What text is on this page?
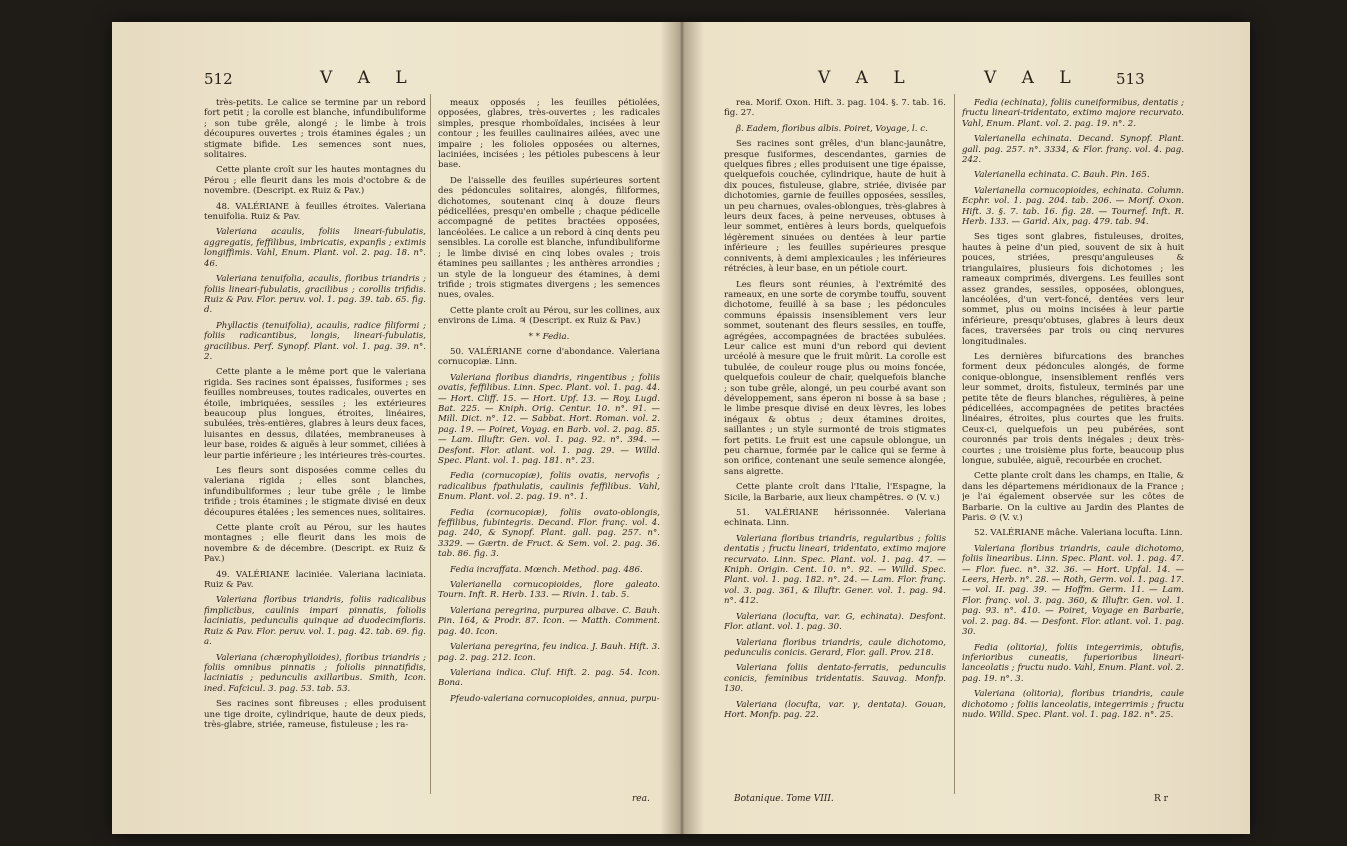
512	V A L

très-petits. Le calice se termine par un rebord fort petit ; la corolle est blanche, infundibuliforme ; son tube grêle, alongé ; le limbe à trois découpures ouvertes ; trois étamines égales ; un stigmate bifide. Les semences sont nues, solitaires.

Cette plante croît sur les hautes montagnes du Pérou ; elle fleurit dans les mois d'octobre & de novembre. (Descript. ex Ruiz & Pav.)

48. VALÉRIANE à feuilles étroites. Valeriana tenuifolia. Ruiz & Pav.

Valeriana acaulis, foliis lineari-fubulatis, aggregatis, feffilibus, imbricatis, expanfis ; extimis longiffimis. Vahl, Enum. Plant. vol. 2. pag. 18. n°. 46.

Valeriana tenuifolia, acaulis, floribus triandris ; foliis lineari-fubulatis, gracilibus ; corollis trifidis. Ruiz & Pav. Flor. peruv. vol. 1. pag. 39. tab. 65. fig. d.

Phyllactis (tenuifolia), acaulis, radice filiformi ; foliis radicantibus, longis, lineari-fubulatis, gracilibus. Perf. Synopf. Plant. vol. 1. pag. 39. n°. 2.

Cette plante a le même port que le valeriana rigida. Ses racines sont épaisses, fusiformes ; ses feuilles nombreuses, toutes radicales, ouvertes en étoile, imbriquées, sessiles ; les extérieures beaucoup plus longues, étroites, linéaires, subulées, très-entières, glabres à leurs deux faces, luisantes en dessus, dilatées, membraneuses à leur base, roides & aiguës à leur sommet, ciliées à leur partie inférieure ; les intérieures très-courtes.

Les fleurs sont disposées comme celles du valeriana rigida ; elles sont blanches, infundibuliformes ; leur tube grêle ; le limbe trifide ; trois étamines ; le stigmate divisé en deux découpures étalées ; les semences nues, solitaires.

Cette plante croît au Pérou, sur les hautes montagnes ; elle fleurit dans les mois de novembre & de décembre. (Descript. ex Ruiz & Pav.)

49. VALÉRIANE laciniée. Valeriana laciniata. Ruiz & Pav.

Valeriana floribus triandris, foliis radicalibus fimplicibus, caulinis impari pinnatis, foliolis laciniatis, pedunculis quinque ad duodecimfloris. Ruiz & Pav. Flor. peruv. vol. 1. pag. 42. tab. 69. fig. a.

Valeriana (chærophylloides), floribus triandris ; foliis omnibus pinnatis ; foliolis pinnatifidis, laciniatis ; pedunculis axillaribus. Smith, Icon. ined. Fafcicul. 3. pag. 53. tab. 53.

Ses racines sont fibreuses ; elles produisent une tige droite, cylindrique, haute de deux pieds, très-glabre, striée, rameuse, fistuleuse ; les ra-

meaux opposés ; les feuilles pétiolées, opposées, glabres, très-ouvertes ; les radicales simples, presque rhomboïdales, incisées à leur contour ; les feuilles caulinaires ailées, avec une impaire ; les folioles opposées ou alternes, laciniées, incisées ; les pétioles pubescens à leur base.

De l'aisselle des feuilles supérieures sortent des pédoncules solitaires, alongés, filiformes, dichotomes, soutenant cinq à douze fleurs pédicellées, presqu'en ombelle ; chaque pédicelle accompagné de petites bractées opposées, lancéolées. Le calice a un rebord à cinq dents peu sensibles. La corolle est blanche, infundibuliforme ; le limbe divisé en cinq lobes ovales ; trois étamines peu saillantes ; les anthères arrondies ; un style de la longueur des étamines, à demi trifide ; trois stigmates divergens ; les semences nues, ovales.

Cette plante croît au Pérou, sur les collines, aux environs de Lima. ♃ (Descript. ex Ruiz & Pav.)

* * Fedia.

50. VALÉRIANE corne d'abondance. Valeriana cornucopiæ. Linn.

Valeriana floribus diandris, ringentibus ; foliis ovatis, feffilibus. Linn. Spec. Plant. vol. 1. pag. 44. — Hort. Cliff. 15. — Hort. Upf. 13. — Roy. Lugd. Bat. 225. — Kniph. Orig. Centur. 10. n°. 91. — Mill. Dict. n°. 12. — Sabbat. Hort. Roman. vol. 2. pag. 19. — Poiret, Voyag. en Barb. vol. 2. pag. 85. — Lam. Illuftr. Gen. vol. 1. pag. 92. n°. 394. — Desfont. Flor. atlant. vol. 1. pag. 29. — Willd. Spec. Plant. vol. 1. pag. 181. n°. 23.

Fedia (cornucopiæ), foliis ovatis, nervofis ; radicalibus fpathulatis, caulinis feffilibus. Vahl, Enum. Plant. vol. 2. pag. 19. n°. 1.

Fedia (cornucopiæ), foliis ovato-oblongis, feffilibus, fubintegris. Decand. Flor. franç. vol. 4. pag. 240, & Synopf. Plant. gall. pag. 257. n°. 3329. — Gærtn. de Fruct. & Sem. vol. 2. pag. 36. tab. 86. fig. 3.

Fedia incraffata. Mœnch. Method. pag. 486.

Valerianella cornucopioides, flore galeato. Tourn. Inft. R. Herb. 133. — Rivin. 1. tab. 5.

Valeriana peregrina, purpurea albave. C. Bauh. Pin. 164, & Prodr. 87. Icon. — Matth. Comment. pag. 40. Icon.

Valeriana peregrina, feu indica. J. Bauh. Hift. 3. pag. 2. pag. 212. Icon.

Valeriana indica. Cluf. Hift. 2. pag. 54. Icon. Bona.

Pfeudo-valeriana cornucopioides, annua, purpu-

rea.
V A L	V A L 513

rea. Morif. Oxon. Hift. 3. pag. 104. §. 7. tab. 16. fig. 27.

β. Eadem, floribus albis. Poiret, Voyage, l. c.

Ses racines sont grêles, d'un blanc-jaunâtre, presque fusiformes, descendantes, garnies de quelques fibres ; elles produisent une tige épaisse, quelquefois couchée, cylindrique, haute de huit à dix pouces, fistuleuse, glabre, striée, divisée par dichotomies, garnie de feuilles opposées, sessiles, un peu charnues, ovales-oblongues, très-glabres à leurs deux faces, à peine nerveuses, obtuses à leur sommet, entières à leurs bords, quelquefois légèrement sinuées ou dentées à leur partie inférieure ; les feuilles supérieures presque connivents, à demi amplexicaules ; les inférieures rétrécies, à leur base, en un pétiole court.

Les fleurs sont réunies, à l'extrémité des rameaux, en une sorte de corymbe touffu, souvent dichotome, feuillé à sa base ; les pédoncules communs épaissis insensiblement vers leur sommet, soutenant des fleurs sessiles, en touffe, agrégées, accompagnées de bractées subulées. Leur calice est muni d'un rebord qui devient urcéolé à mesure que le fruit mûrit. La corolle est tubulée, de couleur rouge plus ou moins foncée, quelquefois couleur de chair, quelquefois blanche ; son tube grêle, alongé, un peu courbé avant son développement, sans éperon ni bosse à sa base ; le limbe presque divisé en deux lèvres, les lobes inégaux & obtus ; deux étamines droites, saillantes ; un style surmonté de trois stigmates fort petits. Le fruit est une capsule oblongue, un peu charnue, formée par le calice qui se ferme à son orifice, contenant une seule semence alongée, sans aigrette.

Cette plante croît dans l'Italie, l'Espagne, la Sicile, la Barbarie, aux lieux champêtres. ⊙ (V. v.)

51. VALÉRIANE hérissonnée. Valeriana echinata. Linn.

Valeriana floribus triandris, regularibus ; foliis dentatis ; fructu lineari, tridentato, extimo majore recurvato. Linn. Spec. Plant. vol. 1. pag. 47. — Kniph. Origin. Cent. 10. n°. 92. — Willd. Spec. Plant. vol. 1. pag. 182. n°. 24. — Lam. Flor. franç. vol. 3. pag. 361, & Illuftr. Gener. vol. 1. pag. 94. n°. 412.

Valeriana (locufta, var. G, echinata). Desfont. Flor. atlant. vol. 1. pag. 30.

Valeriana floribus triandris, caule dichotomo, pedunculis conicis. Gerard, Flor. gall. Prov. 218.

Valeriana foliis dentato-ferratis, pedunculis conicis, feminibus tridentatis. Sauvag. Monfp. 130.

Valeriana (locufta, var. γ, dentata). Gouan, Hort. Monfp. pag. 22.

Botanique. Tome VIII.

Fedia (echinata), foliis cuneiformibus, dentatis ; fructu lineari-tridentato, extimo majore recurvato. Vahl, Enum. Plant. vol. 2. pag. 19. n°. 2.

Valerianella echinata. Decand. Synopf. Plant. gall. pag. 257. n°. 3334, & Flor. franç. vol. 4. pag. 242.

Valerianella echinata. C. Bauh. Pin. 165.

Valerianella cornucopioides, echinata. Column. Ecphr. vol. 1. pag. 204. tab. 206. — Morif. Oxon. Hift. 3. §. 7. tab. 16. fig. 28. — Tournef. Inft. R. Herb. 133. — Garid. Aix, pag. 479. tab. 94.

Ses tiges sont glabres, fistuleuses, droites, hautes à peine d'un pied, souvent de six à huit pouces, striées, presqu'anguleuses & triangulaires, plusieurs fois dichotomes ; les rameaux comprimés, divergens. Les feuilles sont assez grandes, sessiles, opposées, oblongues, lancéolées, d'un vert-foncé, dentées vers leur sommet, plus ou moins incisées à leur partie inférieure, presqu'obtuses, glabres à leurs deux faces, traversées par trois ou cinq nervures longitudinales.

Les dernières bifurcations des branches forment deux pédoncules alongés, de forme conique-oblongue, insensiblement renflés vers leur sommet, droits, fistuleux, terminés par une petite tête de fleurs blanches, régulières, à peine pédicellées, accompagnées de petites bractées linéaires, étroites, plus courtes que les fruits. Ceux-ci, quelquefois un peu pubérées, sont couronnés par trois dents inégales ; deux très-courtes ; une troisième plus forte, beaucoup plus longue, subulée, aiguë, recourbée en crochet.

Cette plante croît dans les champs, en Italie, & dans les départemens méridionaux de la France ; je l'ai également observée sur les côtes de Barbarie. On la cultive au Jardin des Plantes de Paris. ⊙ (V. v.)

52. VALÉRIANE mâche. Valeriana locufta. Linn.

Valeriana floribus triandris, caule dichotomo, foliis linearibus. Linn. Spec. Plant. vol. 1. pag. 47. — Flor. fuec. n°. 32. 36. — Hort. Upfal. 14. — Leers, Herb. n°. 28. — Roth, Germ. vol. 1. pag. 17. — vol. II. pag. 39. — Hoffm. Germ. 11. — Lam. Flor. franç. vol. 3. pag. 360, & Illuftr. Gen. vol. 1. pag. 93. n°. 410. — Poiret, Voyage en Barbarie, vol. 2. pag. 84. — Desfont. Flor. atlant. vol. 1. pag. 30.

Fedia (olitoria), foliis integerrimis, obtufis, inferioribus cuneatis, fuperioribus lineari-lanceolatis ; fructu nudo. Vahl, Enum. Plant. vol. 2. pag. 19. n°. 3.

Valeriana (olitoria), floribus triandris, caule dichotomo ; foliis lanceolatis, integerrimis ; fructu nudo. Willd. Spec. Plant. vol. 1. pag. 182. n°. 25.

R r
